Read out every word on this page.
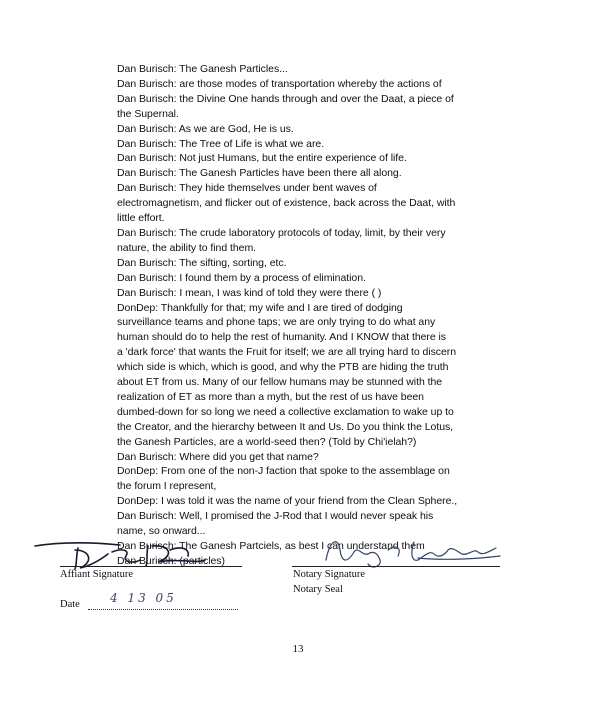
Dan Burisch: The Ganesh Particles...

Dan Burisch: are those modes of transportation whereby the actions of

Dan Burisch: the Divine One hands through and over the Daat, a piece of

the Supernal.

Dan Burisch: As we are God, He is us.

Dan Burisch: The Tree of Life is what we are.

Dan Burisch: Not just Humans, but the entire experience of life.

Dan Burisch: The Ganesh Particles have been there all along.

Dan Burisch: They hide themselves under bent waves of

electromagnetism, and flicker out of existence, back across the Daat, with

little effort.

Dan Burisch: The crude laboratory protocols of today, limit, by their very

nature, the ability to find them.

Dan Burisch: The sifting, sorting, etc.

Dan Burisch: I found them by a process of elimination.

Dan Burisch: I mean, I was kind of told they were there ( )

DonDep: Thankfully for that; my wife and I are tired of dodging

surveillance teams and phone taps; we are only trying to do what any

human should do to help the rest of humanity. And I KNOW that there is

a 'dark force' that wants the Fruit for itself; we are all trying hard to discern

which side is which, which is good, and why the PTB are hiding the truth

about ET from us. Many of our fellow humans may be stunned with the

realization of ET as more than a myth, but the rest of us have been

dumbed-down for so long we need a collective exclamation to wake up to

the Creator, and the hierarchy between It and Us. Do you think the Lotus,

the Ganesh Particles, are a world-seed then? (Told by Chi'ielah?)

Dan Burisch: Where did you get that name?

DonDep: From one of the non-J faction that spoke to the assemblage on

the forum I represent,

DonDep: I was told it was the name of your friend from the Clean Sphere.,

Dan Burisch: Well, I promised the J-Rod that I would never speak his

name, so onward...

Dan Burisch: The Ganesh Partciels, as best I can understand them

Dan Burisch: (particles)

Affiant Signature	Notary Signature
Notary Seal
Date	4 13 05
13
